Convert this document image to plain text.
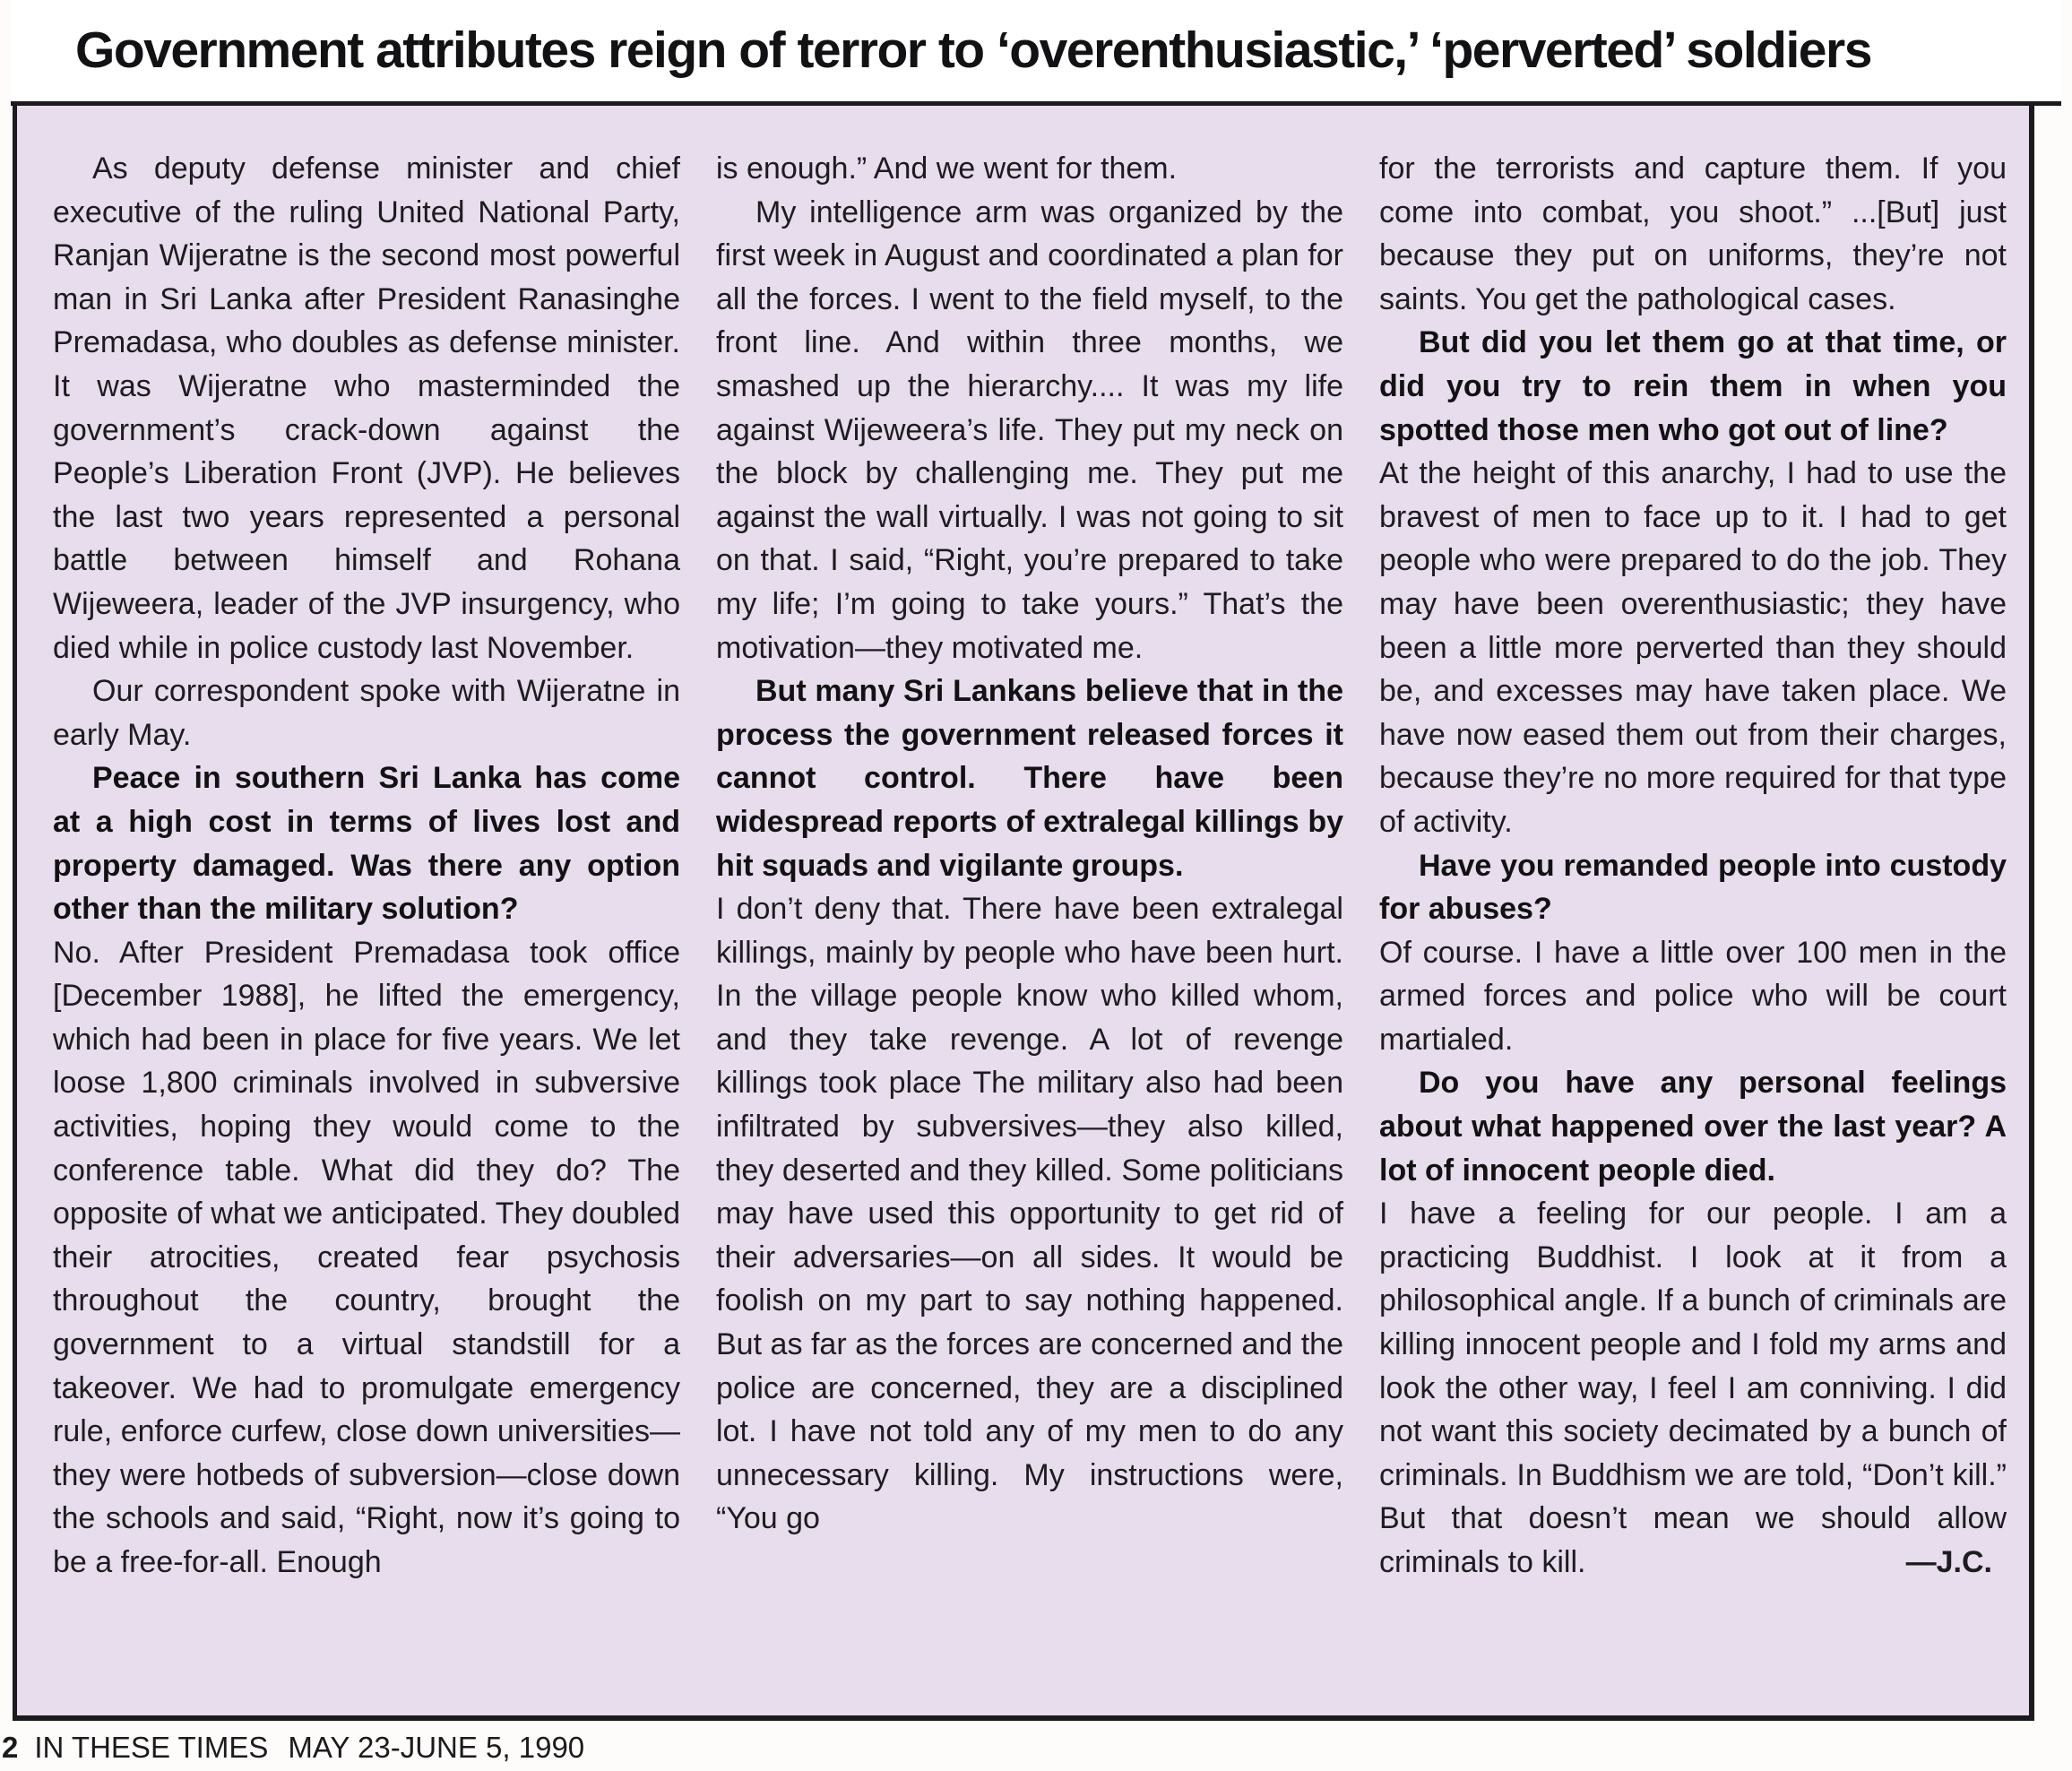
Government attributes reign of terror to ‘overenthusiastic,’ ‘perverted’ soldiers

As deputy defense minister and chief executive of the ruling United National Party, Ranjan Wijeratne is the second most powerful man in Sri Lanka after President Ranasinghe Premadasa, who doubles as defense minister. It was Wijeratne who masterminded the government’s crack-down against the People’s Liberation Front (JVP). He believes the last two years represented a personal battle between himself and Rohana Wijeweera, leader of the JVP insurgency, who died while in police custody last November.

Our correspondent spoke with Wijeratne in early May.

Peace in southern Sri Lanka has come at a high cost in terms of lives lost and property damaged. Was there any option other than the military solution?

No. After President Premadasa took office [December 1988], he lifted the emergency, which had been in place for five years. We let loose 1,800 criminals involved in subversive activities, hoping they would come to the conference table. What did they do? The opposite of what we anticipated. They doubled their atrocities, created fear psychosis throughout the country, brought the government to a virtual standstill for a takeover. We had to promulgate emergency rule, enforce curfew, close down universities—they were hotbeds of subversion—close down the schools and said, “Right, now it’s going to be a free-for-all. Enough

is enough.” And we went for them.

My intelligence arm was organized by the first week in August and coordinated a plan for all the forces. I went to the field myself, to the front line. And within three months, we smashed up the hierarchy.... It was my life against Wijeweera’s life. They put my neck on the block by challenging me. They put me against the wall virtually. I was not going to sit on that. I said, “Right, you’re prepared to take my life; I’m going to take yours.” That’s the motivation—they motivated me.

But many Sri Lankans believe that in the process the government released forces it cannot control. There have been widespread reports of extralegal killings by hit squads and vigilante groups.

I don’t deny that. There have been extralegal killings, mainly by people who have been hurt. In the village people know who killed whom, and they take revenge. A lot of revenge killings took place The military also had been infiltrated by subversives—they also killed, they deserted and they killed. Some politicians may have used this opportunity to get rid of their adversaries—on all sides. It would be foolish on my part to say nothing happened. But as far as the forces are concerned and the police are concerned, they are a disciplined lot. I have not told any of my men to do any unnecessary killing. My instructions were, “You go

for the terrorists and capture them. If you come into combat, you shoot.” ...[But] just because they put on uniforms, they’re not saints. You get the pathological cases.

But did you let them go at that time, or did you try to rein them in when you spotted those men who got out of line?

At the height of this anarchy, I had to use the bravest of men to face up to it. I had to get people who were prepared to do the job. They may have been overenthusiastic; they have been a little more perverted than they should be, and excesses may have taken place. We have now eased them out from their charges, because they’re no more required for that type of activity.

Have you remanded people into custody for abuses?

Of course. I have a little over 100 men in the armed forces and police who will be court martialed.

Do you have any personal feelings about what happened over the last year? A lot of innocent people died.

I have a feeling for our people. I am a practicing Buddhist. I look at it from a philosophical angle. If a bunch of criminals are killing innocent people and I fold my arms and look the other way, I feel I am conniving. I did not want this society decimated by a bunch of criminals. In Buddhism we are told, “Don’t kill.” But that doesn’t mean we should allow criminals to kill.	—J.C.

2 IN THESE TIMES MAY 23-JUNE 5, 1990
